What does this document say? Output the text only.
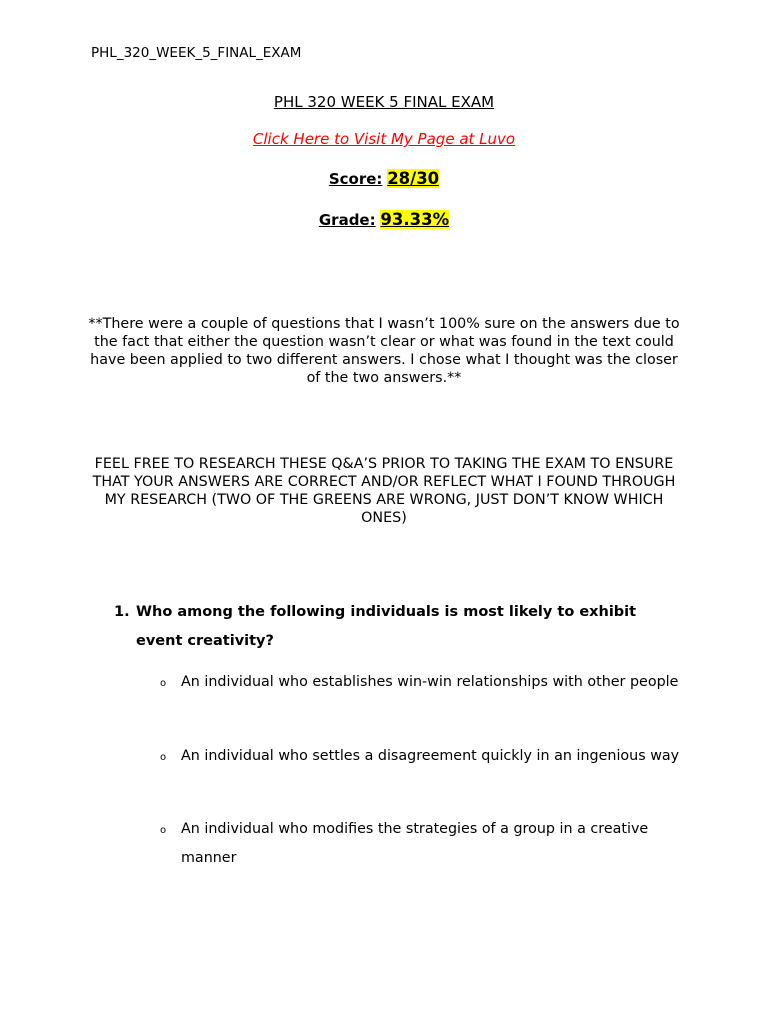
PHL_320_WEEK_5_FINAL_EXAM
PHL 320 WEEK 5 FINAL EXAM
Click Here to Visit My Page at Luvo
Score: 28/30
Grade: 93.33%
**There were a couple of questions that I wasn’t 100% sure on the answers due to the fact that either the question wasn’t clear or what was found in the text could have been applied to two different answers. I chose what I thought was the closer of the two answers.**
FEEL FREE TO RESEARCH THESE Q&A’S PRIOR TO TAKING THE EXAM TO ENSURE THAT YOUR ANSWERS ARE CORRECT AND/OR REFLECT WHAT I FOUND THROUGH MY RESEARCH (TWO OF THE GREENS ARE WRONG, JUST DON’T KNOW WHICH ONES)
1. Who among the following individuals is most likely to exhibit event creativity?
o	An individual who establishes win-win relationships with other people
o	An individual who settles a disagreement quickly in an ingenious way
o	An individual who modifies the strategies of a group in a creative manner
